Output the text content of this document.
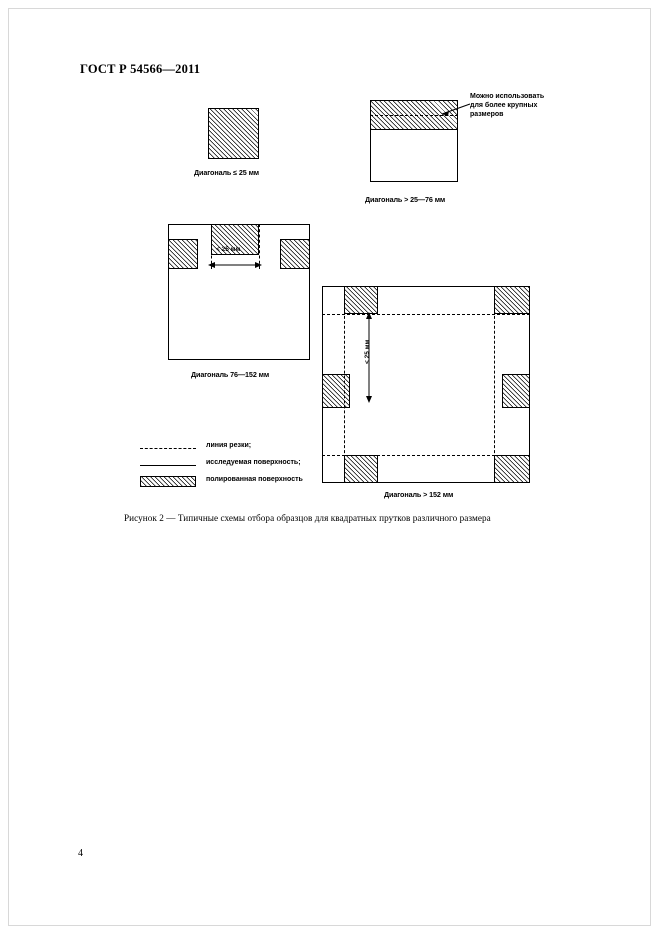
ГОСТ Р 54566—2011
Диагональ ≤ 25 мм
Можно использовать
для более крупных
размеров
Диагональ > 25—76 мм
< 25 мм
Диагональ 76—152 мм
< 25 мм
Диагональ > 152 мм
линия резки;
исследуемая поверхность;
полированная поверхность
Рисунок 2 — Типичные схемы отбора образцов для квадратных прутков различного размера
4
